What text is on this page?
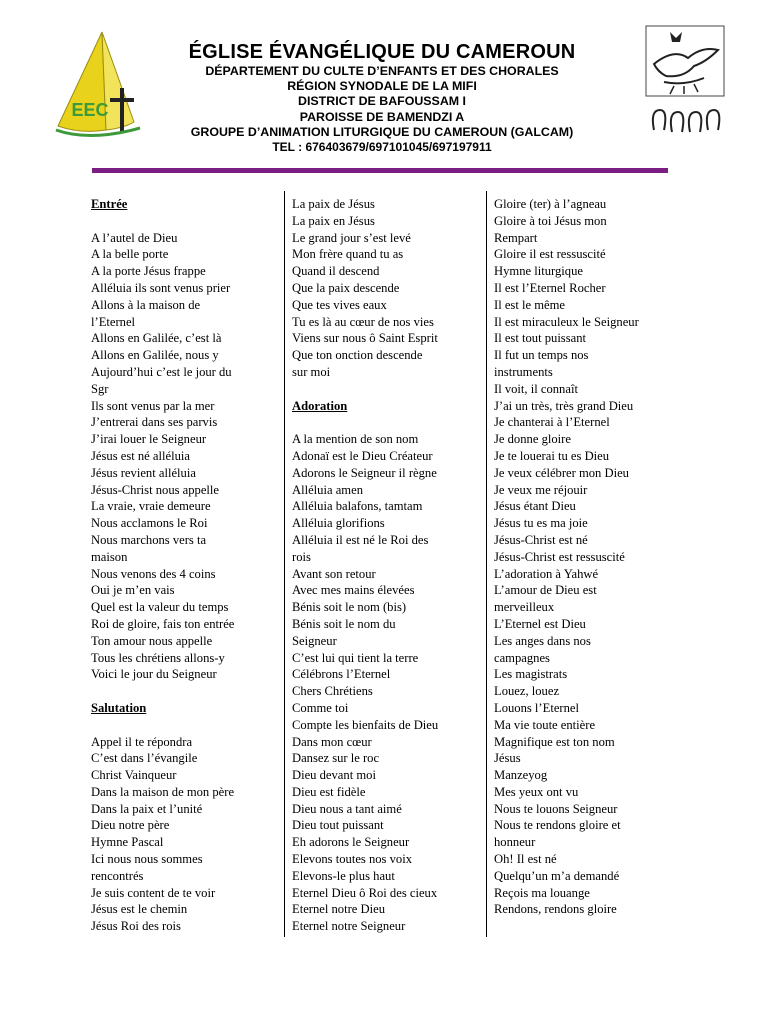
EEC
ÉGLISE ÉVANGÉLIQUE DU CAMEROUN
DÉPARTEMENT DU CULTE D’ENFANTS ET DES CHORALES
RÉGION SYNODALE DE LA MIFI
DISTRICT DE BAFOUSSAM I
PAROISSE DE BAMENDZI A
GROUPE D’ANIMATION LITURGIQUE DU CAMEROUN (GALCAM)
TEL : 676403679/697101045/697197911
Entrée
A l’autel de Dieu
A la belle porte
A la porte Jésus frappe
Alléluia ils sont venus prier
Allons à la maison de
l’Eternel
Allons en Galilée, c’est là
Allons en Galilée, nous y
Aujourd’hui c’est le jour du
Sgr
Ils sont venus par la mer
J’entrerai dans ses parvis
J’irai louer le Seigneur
Jésus est né alléluia
Jésus revient alléluia
Jésus-Christ nous appelle
La vraie, vraie demeure
Nous acclamons le Roi
Nous marchons vers ta
maison
Nous venons des 4 coins
Oui je m’en vais
Quel est la valeur du temps
Roi de gloire, fais ton entrée
Ton amour nous appelle
Tous les chrétiens allons-y
Voici le jour du Seigneur
Salutation
Appel il te répondra
C’est dans l’évangile
Christ Vainqueur
Dans la maison de mon père
Dans la paix et l’unité
Dieu notre père
Hymne Pascal
Ici nous nous sommes
rencontrés
Je suis content de te voir
Jésus est le chemin
Jésus Roi des rois
La paix de Jésus
La paix en Jésus
Le grand jour s’est levé
Mon frère quand tu as
Quand il descend
Que la paix descende
Que tes vives eaux
Tu es là au cœur de nos vies
Viens sur nous ô Saint Esprit
Que ton onction descende
sur moi
Adoration
A la mention de son nom
Adonaï est le Dieu Créateur
Adorons le Seigneur il règne
Alléluia amen
Alléluia balafons, tamtam
Alléluia glorifions
Alléluia il est né le Roi des
rois
Avant son retour
Avec mes mains élevées
Bénis soit le nom (bis)
Bénis soit le nom du
Seigneur
C’est lui qui tient la terre
Célébrons l’Eternel
Chers Chrétiens
Comme toi
Compte les bienfaits de Dieu
Dans mon cœur
Dansez sur le roc
Dieu devant moi
Dieu est fidèle
Dieu nous a tant aimé
Dieu tout puissant
Eh adorons le Seigneur
Elevons toutes nos voix
Elevons-le plus haut
Eternel Dieu ô Roi des cieux
Eternel notre Dieu
Eternel notre Seigneur
Gloire (ter) à l’agneau
Gloire à toi Jésus mon
Rempart
Gloire il est ressuscité
Hymne liturgique
Il est l’Eternel Rocher
Il est le même
Il est miraculeux le Seigneur
Il est tout puissant
Il fut un temps nos
instruments
Il voit, il connaît
J’ai un très, très grand Dieu
Je chanterai à l’Eternel
Je donne gloire
Je te louerai tu es Dieu
Je veux célébrer mon Dieu
Je veux me réjouir
Jésus étant Dieu
Jésus tu es ma joie
Jésus-Christ est né
Jésus-Christ est ressuscité
L’adoration à Yahwé
L’amour de Dieu est
merveilleux
L’Eternel est Dieu
Les anges dans nos
campagnes
Les magistrats
Louez, louez
Louons l’Eternel
Ma vie toute entière
Magnifique est ton nom
Jésus
Manzeyog
Mes yeux ont vu
Nous te louons Seigneur
Nous te rendons gloire et
honneur
Oh! Il est né
Quelqu’un m’a demandé
Reçois ma louange
Rendons, rendons gloire
